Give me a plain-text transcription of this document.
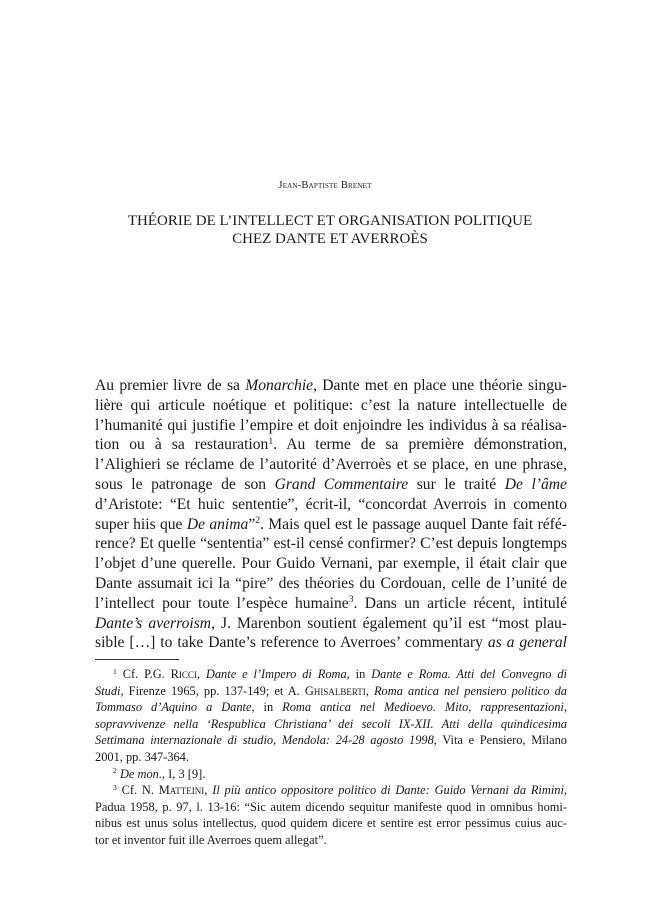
Jean-Baptiste Brenet
THÉORIE DE L’INTELLECT ET ORGANISATION POLITIQUE
CHEZ DANTE ET AVERROÈS
Au premier livre de sa Monarchie, Dante met en place une théorie singu-
lière qui articule noétique et politique: c’est la nature intellectuelle de
l’humanité qui justifie l’empire et doit enjoindre les individus à sa réalisa-
tion ou à sa restauration$^1$. Au terme de sa première démonstration,
l’Alighieri se réclame de l’autorité d’Averroès et se place, en une phrase,
sous le patronage de son Grand Commentaire sur le traité De l’âme
d’Aristote: “Et huic sententie”, écrit-il, “concordat Averrois in comento
super hiis que De anima”$^2$. Mais quel est le passage auquel Dante fait réfé-
rence? Et quelle “sententia” est-il censé confirmer? C’est depuis longtemps
l’objet d’une querelle. Pour Guido Vernani, par exemple, il était clair que
Dante assumait ici la “pire” des théories du Cordouan, celle de l’unité de
l’intellect pour toute l’espèce humaine$^3$. Dans un article récent, intitulé
Dante’s averroism, J. Marenbon soutient également qu’il est “most plau-
sible […] to take Dante’s reference to Averroes’ commentary as a general
$^1$ Cf. P.G. Ricci, Dante e l’Impero di Roma, in Dante e Roma. Atti del Convegno di
Studi, Firenze 1965, pp. 137-149; et A. Ghisalberti, Roma antica nel pensiero politico da
Tommaso d’Aquino a Dante, in Roma antica nel Medioevo. Mito, rappresentazioni,
sopravvivenze nella ‘Respublica Christiana’ dei secoli IX-XII. Atti della quindicesima
Settimana internazionale di studio, Mendola: 24-28 agosto 1998, Vita e Pensiero, Milano
2001, pp. 347-364.
$^2$ De mon., I, 3 [9].
$^3$ Cf. N. Matteini, Il più antico oppositore politico di Dante: Guido Vernani da Rimini,
Padua 1958, p. 97, l. 13-16: “Sic autem dicendo sequitur manifeste quod in omnibus homi-
nibus est unus solus intellectus, quod quidem dicere et sentire est error pessimus cuius auc-
tor et inventor fuit ille Averroes quem allegat”.
